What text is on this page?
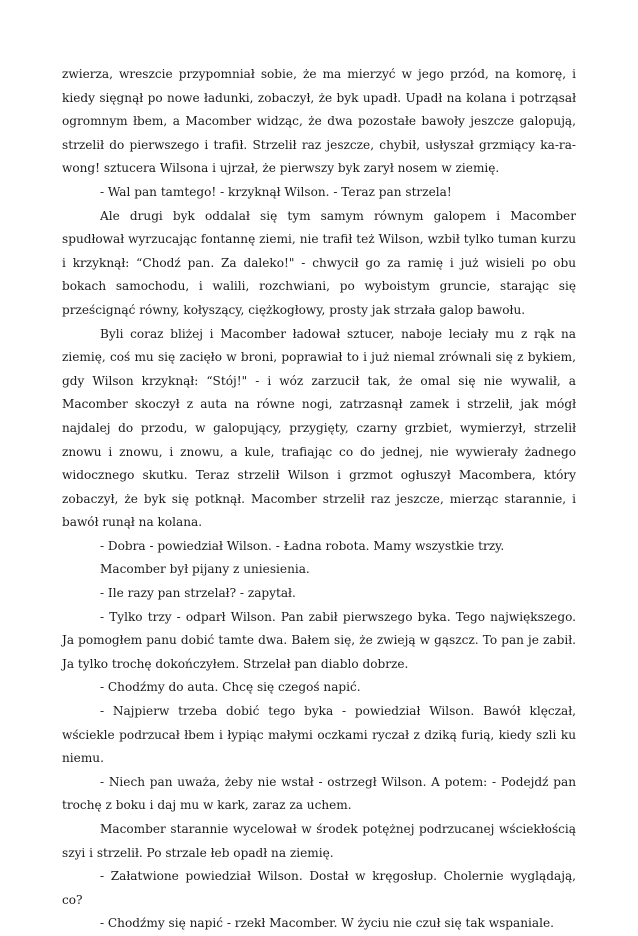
zwierza, wreszcie przypomniał sobie, że ma mierzyć w jego przód, na komorę, i kiedy sięgnął po nowe ładunki, zobaczył, że byk upadł. Upadł na kolana i potrząsał ogromnym łbem, a Macomber widząc, że dwa pozostałe bawoły jeszcze galopują, strzelił do pierwszego i trafił. Strzelił raz jeszcze, chybił, usłyszał grzmiący ka-ra-wong! sztucera Wilsona i ujrzał, że pierwszy byk zarył nosem w ziemię.

- Wal pan tamtego! - krzyknął Wilson. - Teraz pan strzela!

Ale drugi byk oddalał się tym samym równym galopem i Macomber spudłował wyrzucając fontannę ziemi, nie trafił też Wilson, wzbił tylko tuman kurzu i krzyknął: “Chodź pan. Za daleko!" - chwycił go za ramię i już wisieli po obu bokach samochodu, i walili, rozchwiani, po wyboistym gruncie, starając się prześcignąć równy, kołyszący, ciężkogłowy, prosty jak strzała galop bawołu.

Byli coraz bliżej i Macomber ładował sztucer, naboje leciały mu z rąk na ziemię, coś mu się zacięło w broni, poprawiał to i już niemal zrównali się z bykiem, gdy Wilson krzyknął: “Stój!" - i wóz zarzucił tak, że omal się nie wywalił, a Macomber skoczył z auta na równe nogi, zatrzasnął zamek i strzelił, jak mógł najdalej do przodu, w galopujący, przygięty, czarny grzbiet, wymierzył, strzelił znowu i znowu, i znowu, a kule, trafiając co do jednej, nie wywierały żadnego widocznego skutku. Teraz strzelił Wilson i grzmot ogłuszył Macombera, który zobaczył, że byk się potknął. Macomber strzelił raz jeszcze, mierząc starannie, i bawół runął na kolana.

- Dobra - powiedział Wilson. - Ładna robota. Mamy wszystkie trzy.

Macomber był pijany z uniesienia.

- Ile razy pan strzelał? - zapytał.

- Tylko trzy - odparł Wilson. Pan zabił pierwszego byka. Tego największego. Ja pomogłem panu dobić tamte dwa. Bałem się, że zwieją w gąszcz. To pan je zabił. Ja tylko trochę dokończyłem. Strzelał pan diablo dobrze.

- Chodźmy do auta. Chcę się czegoś napić.

- Najpierw trzeba dobić tego byka - powiedział Wilson. Bawół klęczał, wściekle podrzucał łbem i łypiąc małymi oczkami ryczał z dziką furią, kiedy szli ku niemu.

- Niech pan uważa, żeby nie wstał - ostrzegł Wilson. A potem: - Podejdź pan trochę z boku i daj mu w kark, zaraz za uchem.

Macomber starannie wycelował w środek potężnej podrzucanej wściekłością szyi i strzelił. Po strzale łeb opadł na ziemię.

- Załatwione powiedział Wilson. Dostał w kręgosłup. Cholernie wyglądają, co?

- Chodźmy się napić - rzekł Macomber. W życiu nie czuł się tak wspaniale.
